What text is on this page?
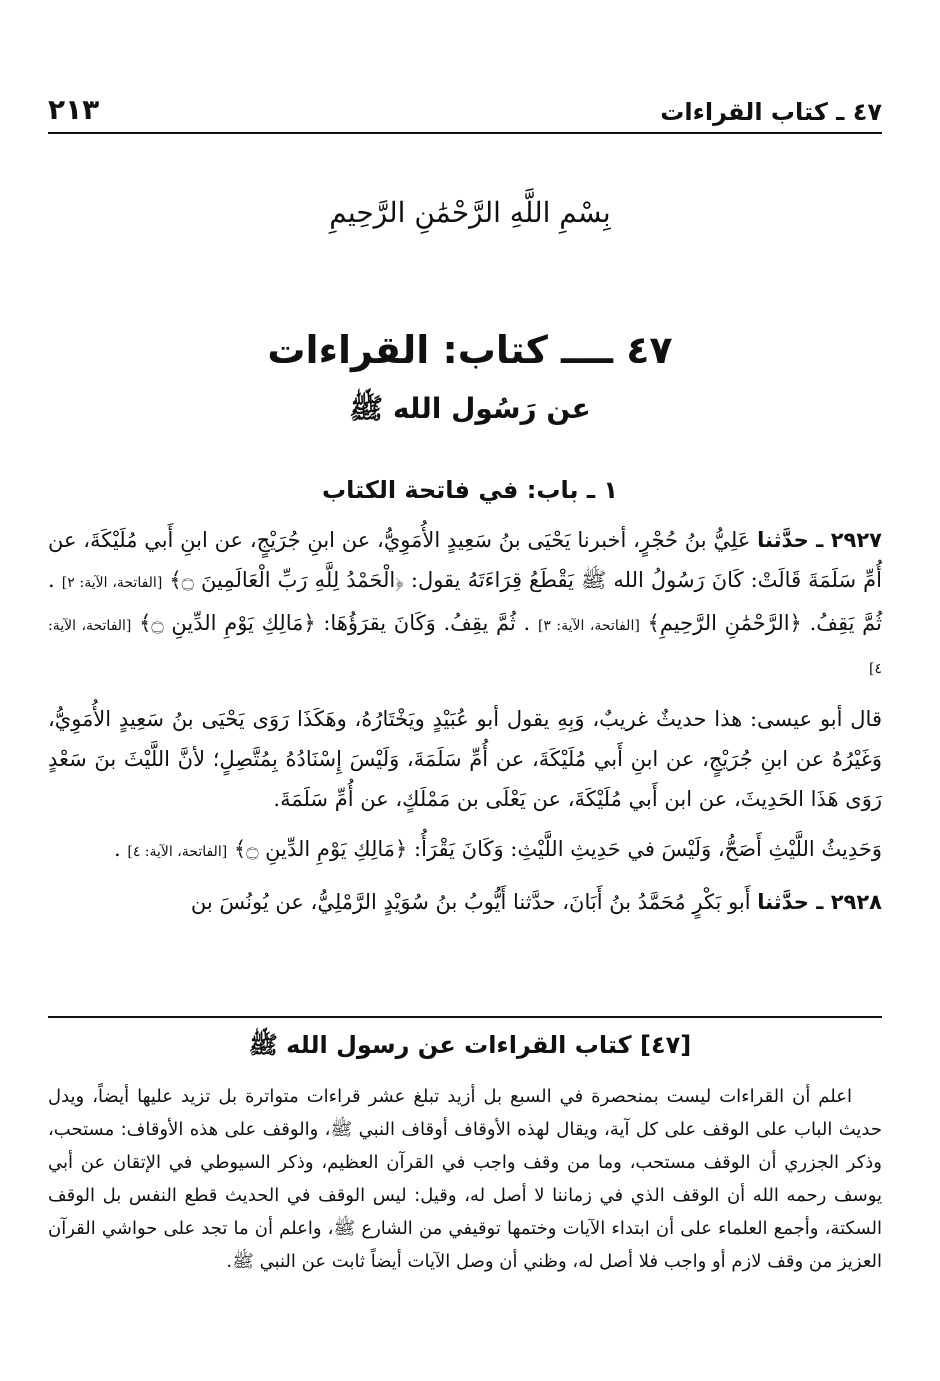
٤٧ ـ كتاب القراءات
٢١٣
بِسْمِ اللَّهِ الرَّحْمَٰنِ الرَّحِيمِ
٤٧ ــــ كتاب: القراءات
عن رَسُول الله ﷺ
١ ـ باب: في فاتحة الكتاب

٢٩٢٧ ـ حدَّثنا عَلِيُّ بنُ حُجْرٍ، أخبرنا يَحْيَى بنُ سَعِيدٍ الأُمَوِيُّ، عن ابنِ جُرَيْجٍ، عن ابنِ أَبي مُلَيْكَةَ، عن أُمِّ سَلَمَةَ قَالَتْ: كَانَ رَسُولُ الله ﷺ يَقْطَعُ قِرَاءَتَهُ يقول: ﴿الْحَمْدُ لِلَّهِ رَبِّ الْعَالَمِينَ ۝﴾ [الفاتحة، الآية: ٢] . ثُمَّ يَقِفُ. ﴿الرَّحْمَٰنِ الرَّحِيمِ﴾ [الفاتحة، الآية: ٣] . ثُمَّ يقِفُ. وَكَانَ يقرَؤُهَا: ﴿مَالِكِ يَوْمِ الدِّينِ ۝﴾ [الفاتحة، الآية: ٤]

قال أبو عيسى: هذا حديثٌ غريبٌ، وَبِهِ يقول أبو عُبَيْدٍ ويَخْتَارُهُ، وهَكَذَا رَوَى يَحْيَى بنُ سَعِيدٍ الأُمَوِيُّ، وَغَيْرُهُ عن ابنِ جُرَيْجٍ، عن ابنِ أَبي مُلَيْكَةَ، عن أُمِّ سَلَمَةَ، وَلَيْسَ إِسْنَادُهُ بِمُتَّصِلٍ؛ لأنَّ اللَّيْثَ بنَ سَعْدٍ رَوَى هَذَا الحَدِيثَ، عن ابن أَبي مُلَيْكَةَ، عن يَعْلَى بن مَمْلَكٍ، عن أُمِّ سَلَمَةَ.

وَحَدِيثُ اللَّيْثِ أَصَحُّ، وَلَيْسَ في حَدِيثِ اللَّيْثِ: وَكَانَ يَقْرَأُ: ﴿مَالِكِ يَوْمِ الدِّينِ ۝﴾ [الفاتحة، الآية: ٤] .

٢٩٢٨ ـ حدَّثنا أَبو بَكْرٍ مُحَمَّدُ بنُ أَبَانَ، حدَّثنا أَيُّوبُ بنُ سُوَيْدٍ الرَّمْلِيُّ، عن يُونُسَ بن

[٤٧] كتاب القراءات عن رسول الله ﷺ

اعلم أن القراءات ليست بمنحصرة في السبع بل أزيد تبلغ عشر قراءات متواترة بل تزيد عليها أيضاً، ويدل حديث الباب على الوقف على كل آية، ويقال لهذه الأوقاف أوقاف النبي ﷺ، والوقف على هذه الأوقاف: مستحب، وذكر الجزري أن الوقف مستحب، وما من وقف واجب في القرآن العظيم، وذكر السيوطي في الإتقان عن أبي يوسف رحمه الله أن الوقف الذي في زماننا لا أصل له، وقيل: ليس الوقف في الحديث قطع النفس بل الوقف السكتة، وأجمع العلماء على أن ابتداء الآيات وختمها توقيفي من الشارع ﷺ، واعلم أن ما تجد على حواشي القرآن العزيز من وقف لازم أو واجب فلا أصل له، وظني أن وصل الآيات أيضاً ثابت عن النبي ﷺ.
